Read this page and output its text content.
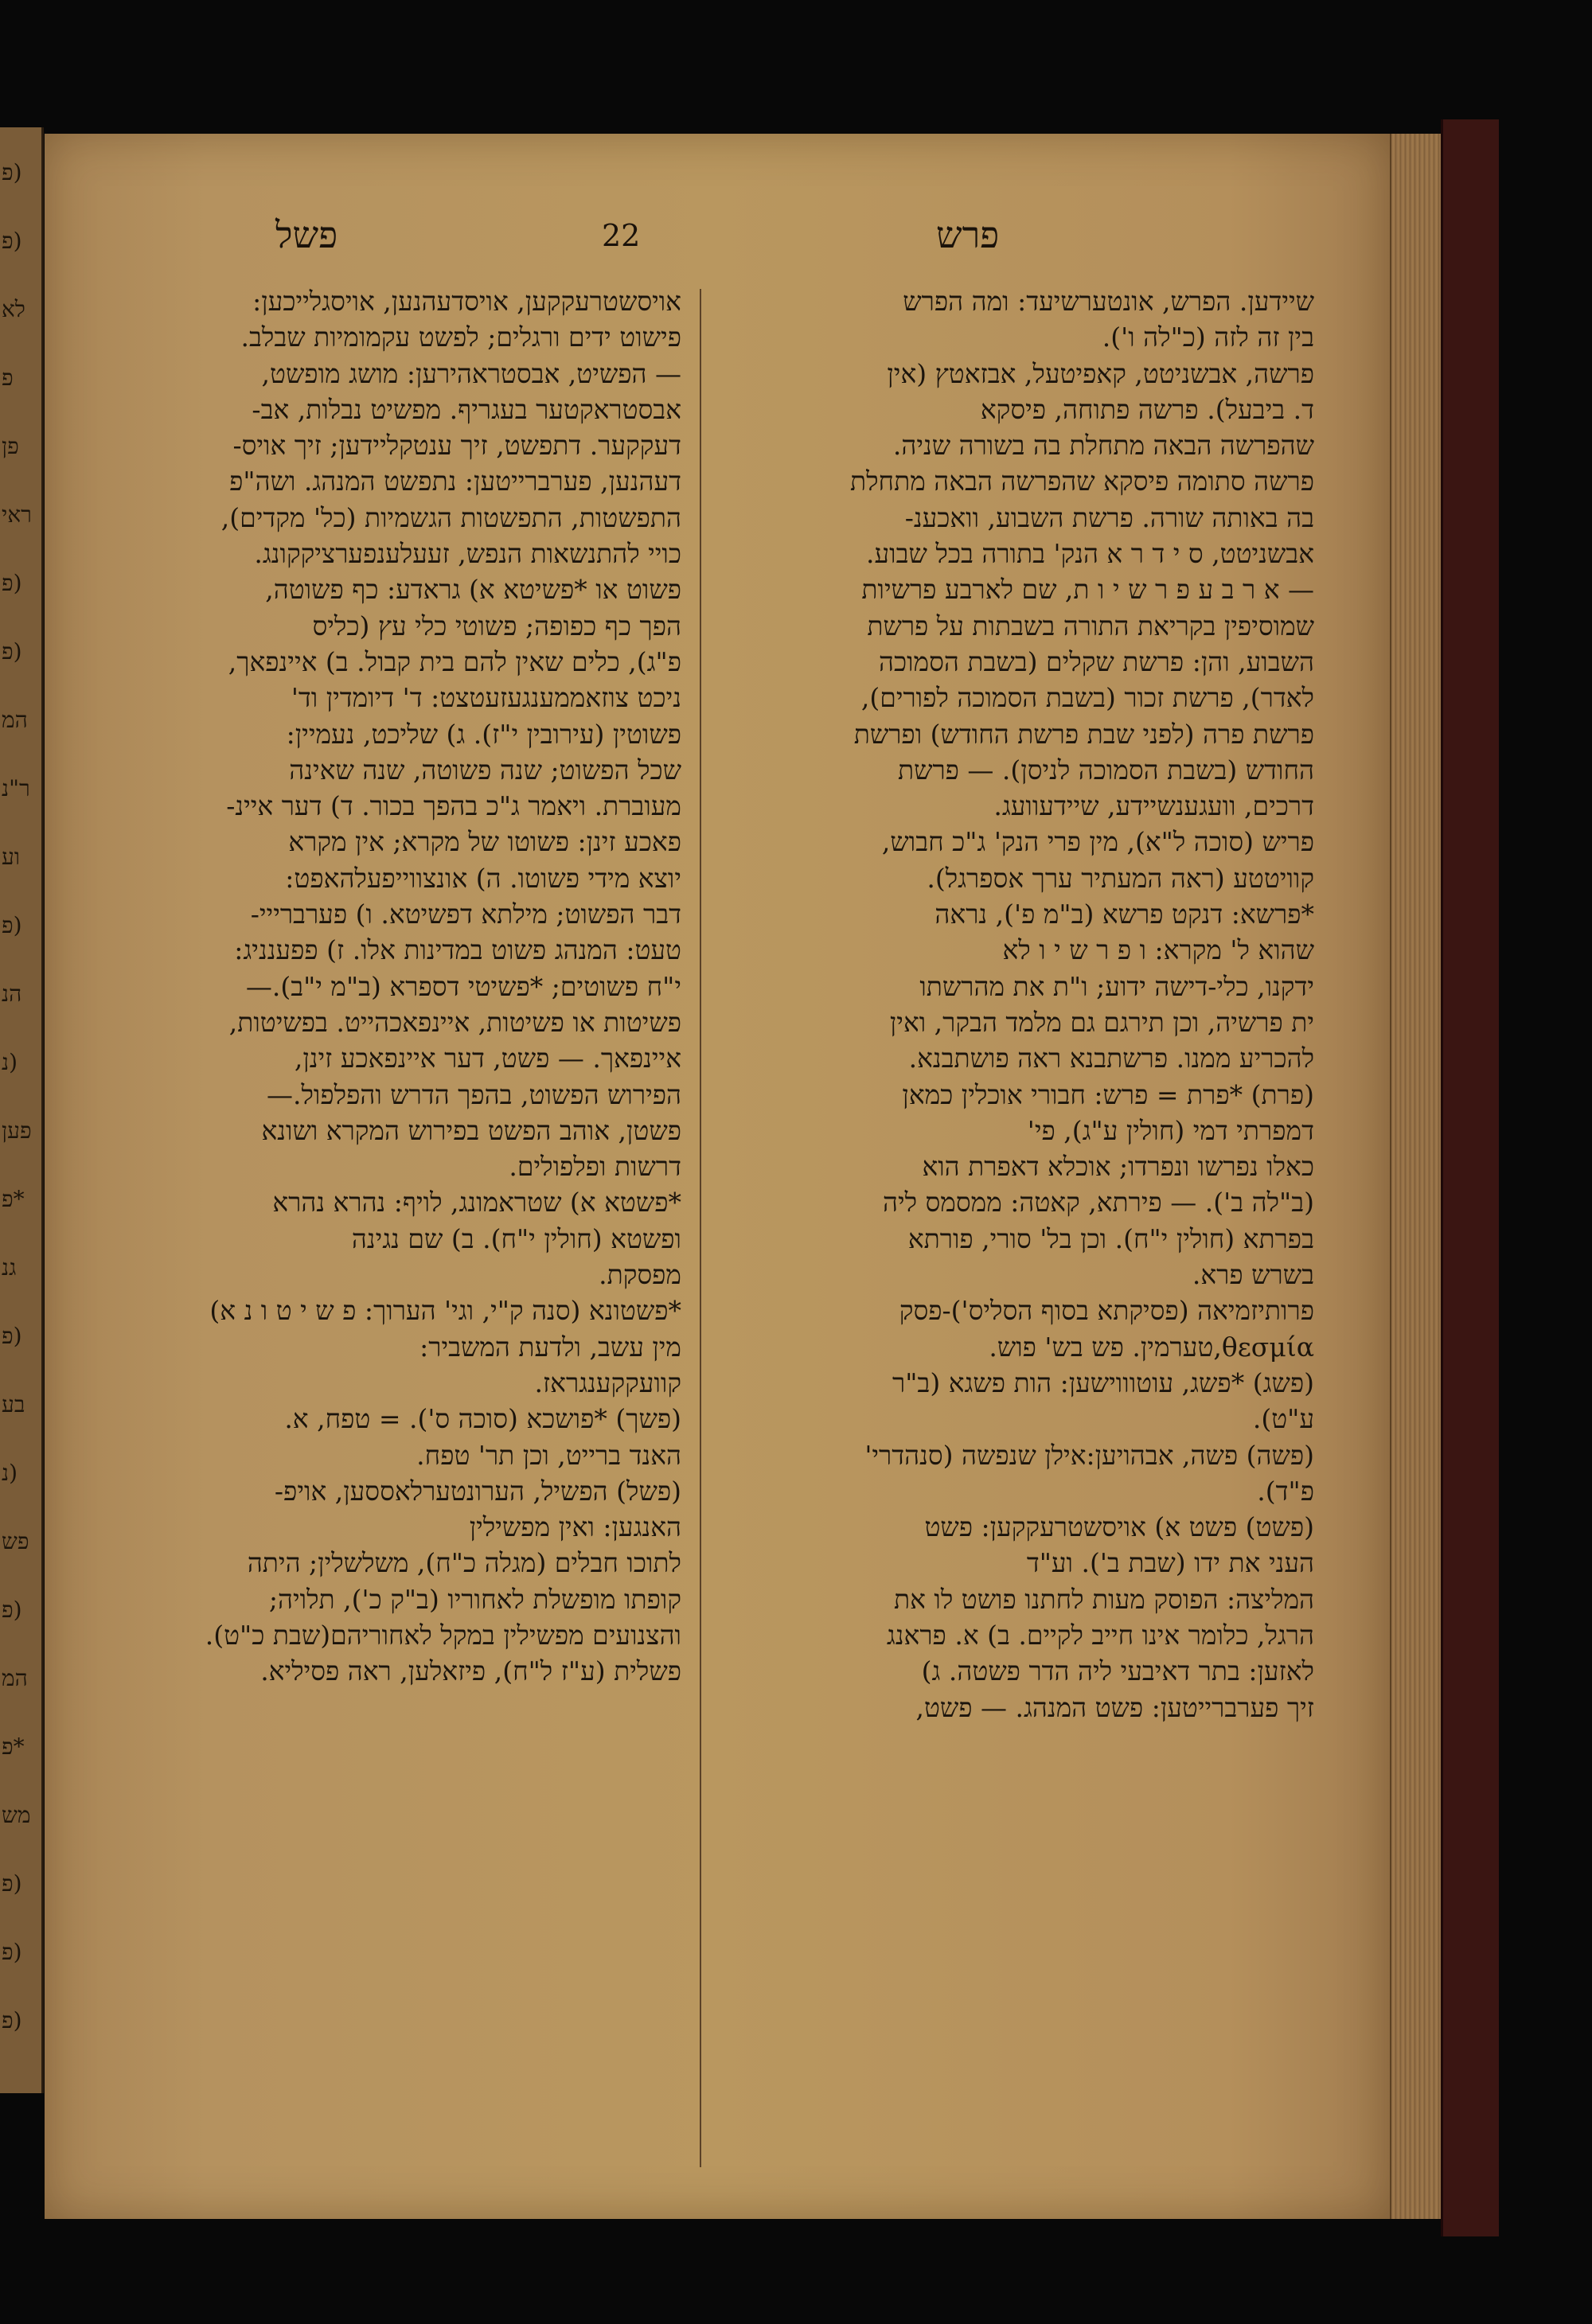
(פ
(פ
לא
פ
פן
ראי
(פ
(פ
המ
ר"נ
וע
(פ
הנ
(נ
פען
*פ
גנ
(פ
בע
(נ
פש
(פ
המ
*פ
מש
(פ
(פ
(פ
פשל	22	פרש

אויסשטרעקקען, אויסדעהנען, אויסגלייכען:

פישוט ידים ורגלים; לפשט עקמומיות שבלב.

— הפשיט, אבסטראהירען: מושג מופשט,

אבסטראקטער בעגריף. מפשיט נבלות, אב-

דעקקער. דתפשט, זיך ענטקליידען; זיך אויס-

דעהנען, פערברייטען: נתפשט המנהג. ושה"פ

התפשטות, התפשטות הגשמיות (כל' מקדים),

כויי להתנשאות הנפש, זעעלענפערציקקונג.

פשוט או *פשיטא א) גראדע: כף פשוטה,

הפך כף כפופה; פשוטי כלי עץ (כליס

פ"ג), כלים שאין להם בית קבול. ב) איינפאך,

ניכט צוזאממענגעזעטצט: ד' דיומדין וד'

פשוטין (עירובין י"ז). ג) שליכט, נעמיין:

שכל הפשוט; שנה פשוטה, שנה שאינה

מעוברת. ויאמר ג"כ בהפך בכור. ד) דער איינ-

פאכע זינן: פשוטו של מקרא; אין מקרא

יוצא מידי פשוטו. ה) אונצווייפעלהאפט:

דבר הפשוט; מילתא דפשיטא. ו) פערברייי-

טעט: המנהג פשוט במדינות אלו. ז) פפענניג:

י"ח פשוטים; *פשיטי דספרא (ב"מ י"ב).—

פשיטות או פשיטות, איינפאכהייט. בפשיטות,

איינפאך. — פשט, דער איינפאכע זינן,

הפירוש הפשוט, בהפך הדרש והפלפול.—

פשטן, אוהב הפשט בפירוש המקרא ושונא

דרשות ופלפולים.

*פשטא א) שטראמונג, לויף: נהרא נהרא

ופשטא (חולין י"ח). ב) שם נגינה

מפסקת.

*פשטונא (סנה ק"י, וגי' הערוך: פ ש י ט ו נ א)

מין עשב, ולדעת המשביר:

קוועקקענגראז.

(פשך) *פושכא (סוכה ס'). = טפח, א.

האנד ברייט, וכן תר' טפח.

(פשל) הפשיל, הערונטערלאססען, אויפ-

האנגען: ואין מפשילין

לתוכו חבלים (מגלה כ"ח), משלשלין; היתה

קופתו מופשלת לאחוריו (ב"ק כ'), תלויה;

והצנועים מפשילין במקל לאחוריהם(שבת כ"ט).

פשלית (ע"ז ל"ח), פיזאלען, ראה פסיליא.

שיידען. הפרש, אונטערשיעד: ומה הפרש

בין זה לזה (כ"לה ו').

פרשה, אבשניטט, קאפיטעל, אבזאטץ (אין

ד. ביבעל). פרשה פתוחה, פיסקא

שהפרשה הבאה מתחלת בה בשורה שניה.

פרשה סתומה פיסקא שהפרשה הבאה מתחלת

בה באותה שורה. פרשת השבוע, וואכענ-

אבשניטט, ס י ד ר א הנק' בתורה בכל שבוע.

— א ר ב ע פ ר ש י ו ת, שם לארבע פרשיות

שמוסיפין בקריאת התורה בשבתות על פרשת

השבוע, והן: פרשת שקלים (בשבת הסמוכה

לאדר), פרשת זכור (בשבת הסמוכה לפורים),

פרשת פרה (לפני שבת פרשת החודש) ופרשת

החודש (בשבת הסמוכה לניסן). — פרשת

דרכים, וועגענשיידע, שיידעוועג.

פריש (סוכה ל"א), מין פרי הנק' ג"כ חבוש,

קוויטטע (ראה המעתיר ערך אספרגל).

*פרשא: דנקט פרשא (ב"מ פ'), נראה

שהוא ל' מקרא: ו פ ר ש י ו לא

ידקנו, כלי-דישה ידוע; ו"ת את מהרשתו

ית פרשיה, וכן תירגם גם מלמד הבקר, ואין

להכריע ממנו. פרשתבנא ראה פושתבנא.

(פרת) *פרת = פרש: חבורי אוכלין כמאן

דמפרתי דמי (חולין ע"ג), פי'

כאלו נפרשו ונפרדו; אוכלא דאפרת הוא

(ב"לה ב'). — פירתא, קאטה: ממסמס ליה

בפרתא (חולין י"ח). וכן בל' סורי, פורתא

בשרש פרא.

פרותיזמיאה (פסיקתא בסוף הסליס')-פסק

θεσμία,טערמין. פש בש' פוש.

(פשג) *פשג, עוטוווישען: הות פשגא (ב"ר

ע"ט).

(פשה) פשה, אבהויען:אילן שנפשה (סנהדרי'

פ"ד).

(פשט) פשט א) אויסשטרעקקען: פשט

העני את ידו (שבת ב'). וע"ד

המליצה: הפוסק מעות לחתנו פושט לו את

הרגל, כלומר אינו חייב לקיים. ב) א. פראנג

לאזען: בתר דאיבעי ליה הדר פשטה. ג)

זיך פערברייטען: פשט המנהג. — פשט,
